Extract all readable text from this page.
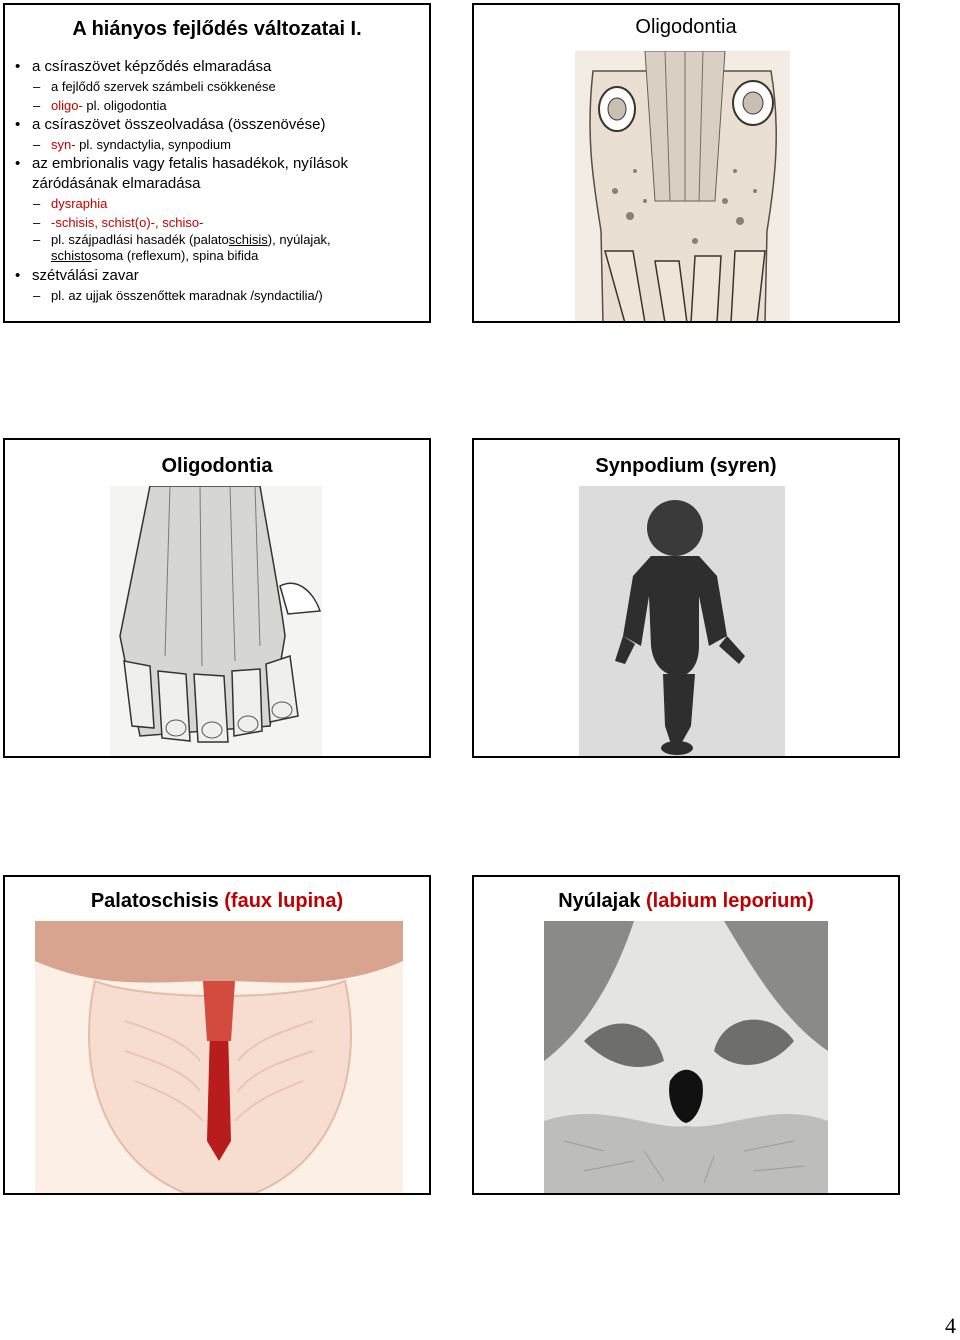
A hiányos fejlődés változatai I.
• a csíraszövet képződés elmaradása
– a fejlődő szervek számbeli csökkenése
– oligo- pl. oligodontia
• a csíraszövet összeolvadása (összenövése)
– syn- pl. syndactylia, synpodium
• az embrionalis vagy fetalis hasadékok, nyílások
záródásának elmaradása
– dysraphia
– -schisis, schist(o)-, schiso-
– pl. szájpadlási hasadék (palatoschisis), nyúlajak,
schistosoma (reflexum), spina bifida
• szétválási zavar
– pl. az ujjak összenőttek maradnak /syndactilia/)
Oligodontia
Oligodontia	Synpodium (syren)
Palatoschisis (faux lupina)	Nyúlajak (labium leporium)
4
